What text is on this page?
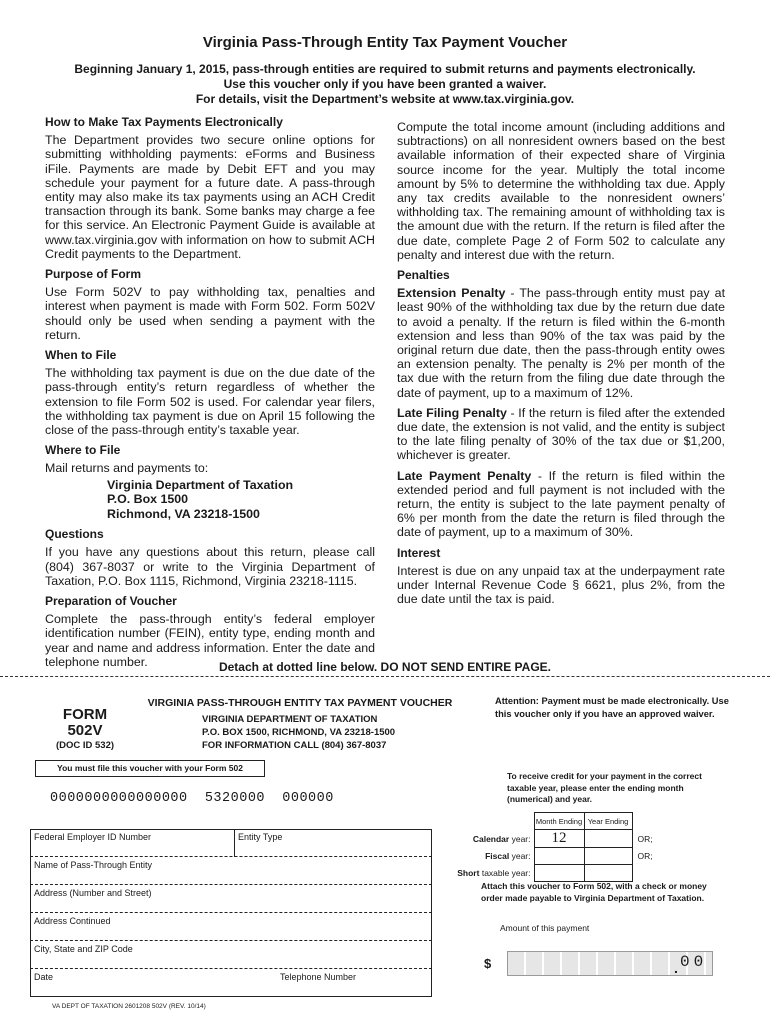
Virginia Pass-Through Entity Tax Payment Voucher
Beginning January 1, 2015, pass-through entities are required to submit returns and payments electronically.
Use this voucher only if you have been granted a waiver.
For details, visit the Department’s website at www.tax.virginia.gov.
How to Make Tax Payments Electronically

The Department provides two secure online options for submitting withholding payments: eForms and Business iFile. Payments are made by Debit EFT and you may schedule your payment for a future date. A pass-through entity may also make its tax payments using an ACH Credit transaction through its bank. Some banks may charge a fee for this service. An Electronic Payment Guide is available at www.tax.virginia.gov with information on how to submit ACH Credit payments to the Department.

Purpose of Form

Use Form 502V to pay withholding tax, penalties and interest when payment is made with Form 502. Form 502V should only be used when sending a payment with the return.

When to File

The withholding tax payment is due on the due date of the pass-through entity’s return regardless of whether the extension to file Form 502 is used. For calendar year filers, the withholding tax payment is due on April 15 following the close of the pass-through entity’s taxable year.

Where to File

Mail returns and payments to:

Virginia Department of Taxation
P.O. Box 1500
Richmond, VA 23218-1500
Questions

If you have any questions about this return, please call (804) 367-8037 or write to the Virginia Department of Taxation, P.O. Box 1115, Richmond, Virginia 23218-1115.

Preparation of Voucher

Complete the pass-through entity’s federal employer identification number (FEIN), entity type, ending month and year and name and address information. Enter the date and telephone number.

Compute the total income amount (including additions and subtractions) on all nonresident owners based on the best available information of their expected share of Virginia source income for the year. Multiply the total income amount by 5% to determine the withholding tax due. Apply any tax credits available to the nonresident owners’ withholding tax. The remaining amount of withholding tax is the amount due with the return. If the return is filed after the due date, complete Page 2 of Form 502 to calculate any penalty and interest due with the return.

Penalties

Extension Penalty - The pass-through entity must pay at least 90% of the withholding tax due by the return due date to avoid a penalty. If the return is filed within the 6-month extension and less than 90% of the tax was paid by the original return due date, then the pass-through entity owes an extension penalty. The penalty is 2% per month of the tax due with the return from the filing due date through the date of payment, up to a maximum of 12%.

Late Filing Penalty - If the return is filed after the extended due date, the extension is not valid, and the entity is subject to the late filing penalty of 30% of the tax due or $1,200, whichever is greater.

Late Payment Penalty - If the return is filed within the extended period and full payment is not included with the return, the entity is subject to the late payment penalty of 6% per month from the date the return is filed through the date of payment, up to a maximum of 30%.

Interest

Interest is due on any unpaid tax at the underpayment rate under Internal Revenue Code § 6621, plus 2%, from the due date until the tax is paid.

Detach at dotted line below. DO NOT SEND ENTIRE PAGE.
FORM
502V
(DOC ID 532)
VIRGINIA PASS-THROUGH ENTITY TAX PAYMENT VOUCHER
VIRGINIA DEPARTMENT OF TAXATION
P.O. BOX 1500, RICHMOND, VA 23218-1500
FOR INFORMATION CALL (804) 367-8037
Attention: Payment must be made electronically. Use this voucher only if you have an approved waiver.
You must file this voucher with your Form 502
0000000000000000  5320000  000000
To receive credit for your payment in the correct taxable year, please enter the ending month (numerical) and year.
	Month Ending	Year Ending	
Calendar year:	12		OR;
Fiscal year:			OR;
Short taxable year:			
Federal Employer ID Number	Entity Type
Name of Pass-Through Entity
Address (Number and Street)
Address Continued
City, State and ZIP Code
Date	Telephone Number
Attach this voucher to Form 502, with a check or money order made payable to Virginia Department of Taxation.
Amount of this payment
$	00
.
VA DEPT OF TAXATION 2601208 502V (REV. 10/14)
